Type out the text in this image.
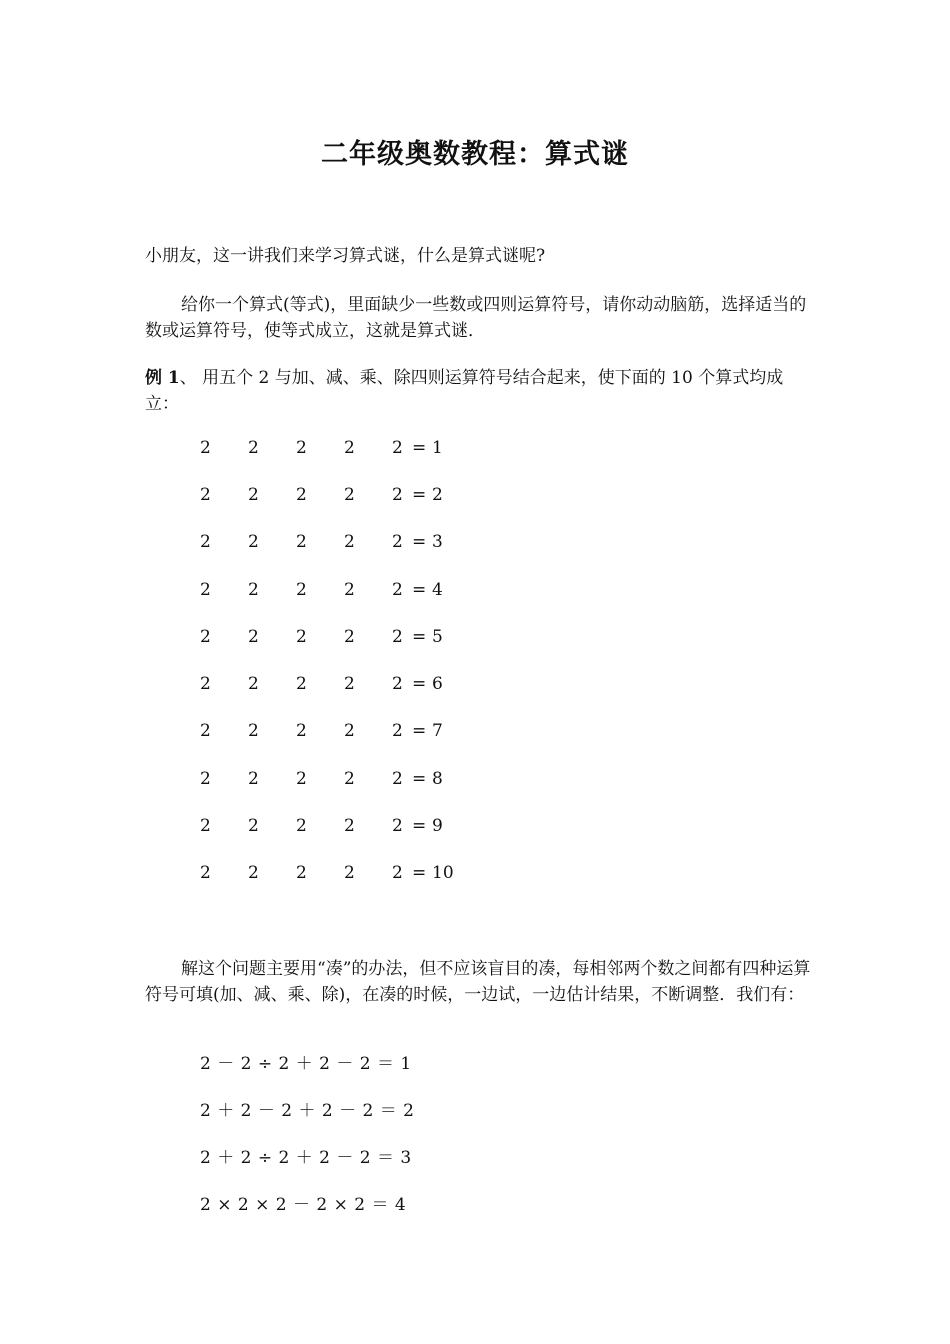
二年级奥数教程：算式谜
小朋友，这一讲我们来学习算式谜，什么是算式谜呢?
给你一个算式(等式)，里面缺少一些数或四则运算符号，请你动动脑筋，选择适当的数或运算符号，使等式成立，这就是算式谜．
例 1、 用五个 2 与加、减、乘、除四则运算符号结合起来，使下面的 10 个算式均成立：
2 2 2 2 2 = 1
2 2 2 2 2 = 2
2 2 2 2 2 = 3
2 2 2 2 2 = 4
2 2 2 2 2 = 5
2 2 2 2 2 = 6
2 2 2 2 2 = 7
2 2 2 2 2 = 8
2 2 2 2 2 = 9
2 2 2 2 2 = 10
解这个问题主要用“凑”的办法，但不应该盲目的凑，每相邻两个数之间都有四种运算符号可填(加、减、乘、除)，在凑的时候，一边试，一边估计结果，不断调整．我们有：
2 － 2 ÷ 2 ＋ 2 － 2 ＝ 1
2 ＋ 2 － 2 ＋ 2 － 2 ＝ 2
2 ＋ 2 ÷ 2 ＋ 2 － 2 ＝ 3
2 × 2 × 2 － 2 × 2 ＝ 4
